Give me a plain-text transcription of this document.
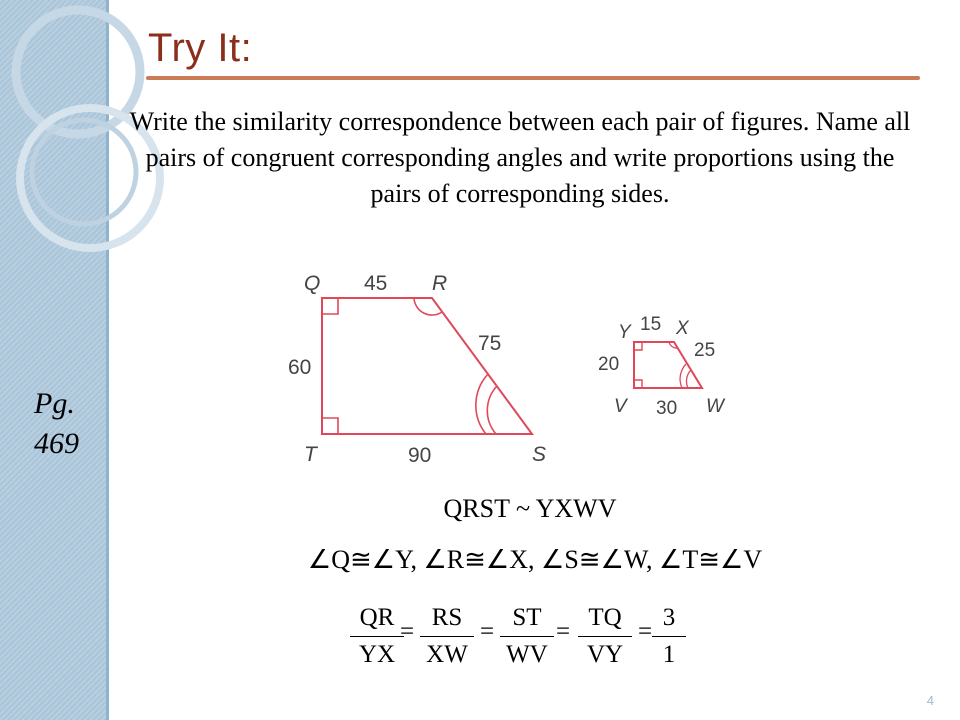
Try It:
Write the similarity correspondence between each pair of figures. Name all pairs of congruent corresponding angles and write proportions using the pairs of corresponding sides.
Pg.
469
Q	R
S
T
45
75
60
90
Y X
W
V
15
25
20
30
QRST ~ YXWV
∠Q≅∠Y, ∠R≅∠X, ∠S≅∠W, ∠T≅∠V
$\frac{QR}{YX}$
= $\frac{RS}{XW} = \frac{ST}{WV} = \frac{TQ}{VY} = \frac{3}{1}$
4
